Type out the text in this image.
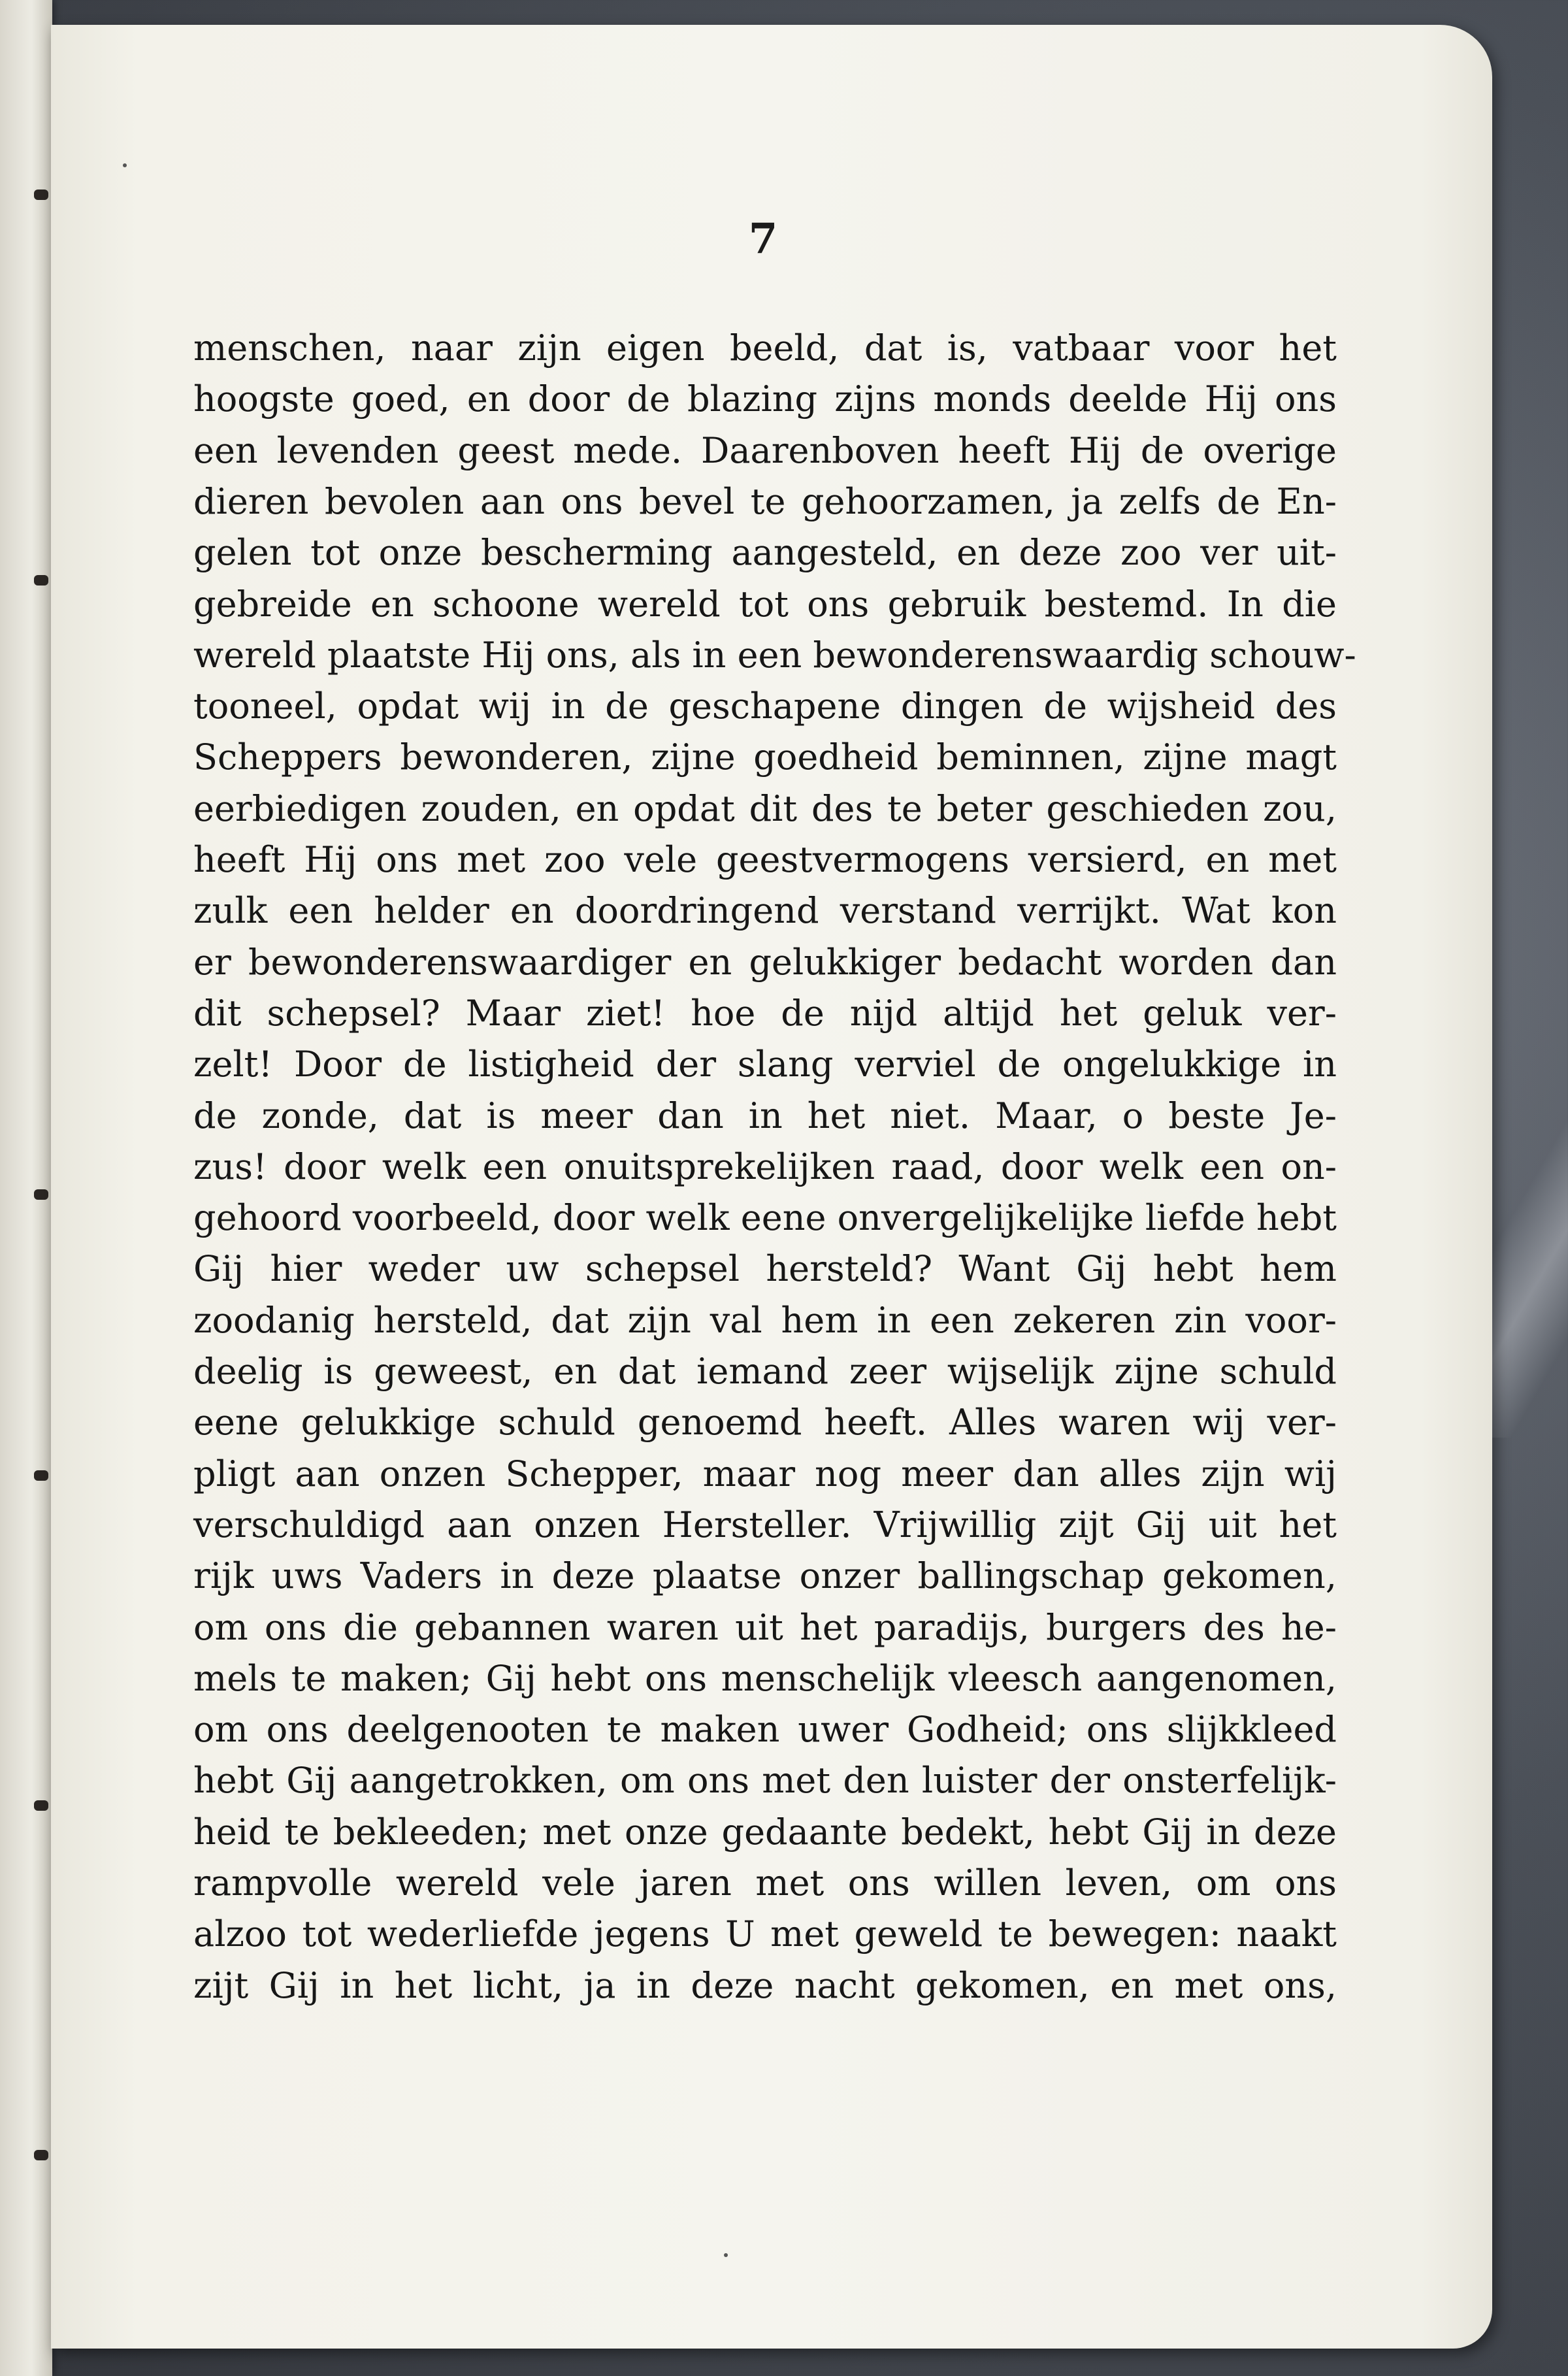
7
menschen, naar zijn eigen beeld, dat is, vatbaar voor het
hoogste goed, en door de blazing zijns monds deelde Hij ons
een levenden geest mede. Daarenboven heeft Hij de overige
dieren bevolen aan ons bevel te gehoorzamen, ja zelfs de En-
gelen tot onze bescherming aangesteld, en deze zoo ver uit-
gebreide en schoone wereld tot ons gebruik bestemd. In die
wereld plaatste Hij ons, als in een bewonderenswaardig schouw-
tooneel, opdat wij in de geschapene dingen de wijsheid des
Scheppers bewonderen, zijne goedheid beminnen, zijne magt
eerbiedigen zouden, en opdat dit des te beter geschieden zou,
heeft Hij ons met zoo vele geestvermogens versierd, en met
zulk een helder en doordringend verstand verrijkt. Wat kon
er bewonderenswaardiger en gelukkiger bedacht worden dan
dit schepsel? Maar ziet! hoe de nijd altijd het geluk ver-
zelt! Door de listigheid der slang verviel de ongelukkige in
de zonde, dat is meer dan in het niet. Maar, o beste Je-
zus! door welk een onuitsprekelijken raad, door welk een on-
gehoord voorbeeld, door welk eene onvergelijkelijke liefde hebt
Gij hier weder uw schepsel hersteld? Want Gij hebt hem
zoodanig hersteld, dat zijn val hem in een zekeren zin voor-
deelig is geweest, en dat iemand zeer wijselijk zijne schuld
eene gelukkige schuld genoemd heeft. Alles waren wij ver-
pligt aan onzen Schepper, maar nog meer dan alles zijn wij
verschuldigd aan onzen Hersteller. Vrijwillig zijt Gij uit het
rijk uws Vaders in deze plaatse onzer ballingschap gekomen,
om ons die gebannen waren uit het paradijs, burgers des he-
mels te maken; Gij hebt ons menschelijk vleesch aangenomen,
om ons deelgenooten te maken uwer Godheid; ons slijkkleed
hebt Gij aangetrokken, om ons met den luister der onsterfelijk-
heid te bekleeden; met onze gedaante bedekt, hebt Gij in deze
rampvolle wereld vele jaren met ons willen leven, om ons
alzoo tot wederliefde jegens U met geweld te bewegen: naakt
zijt Gij in het licht, ja in deze nacht gekomen, en met ons,
